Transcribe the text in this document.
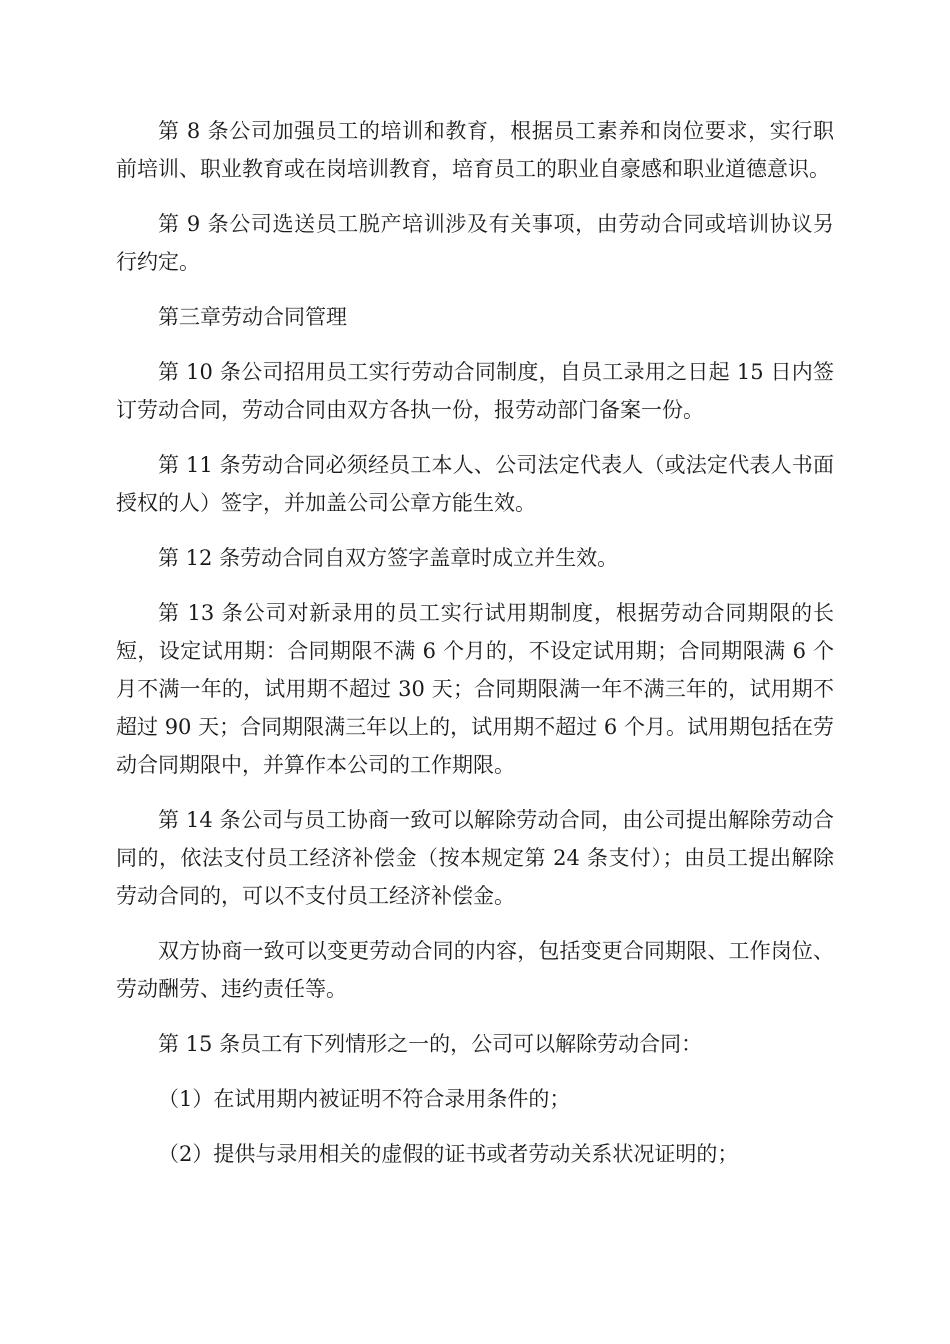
第 8 条公司加强员工的培训和教育，根据员工素养和岗位要求，实行职前培训、职业教育或在岗培训教育，培育员工的职业自豪感和职业道德意识。

第 9 条公司选送员工脱产培训涉及有关事项，由劳动合同或培训协议另行约定。

第三章劳动合同管理

第 10 条公司招用员工实行劳动合同制度，自员工录用之日起 15 日内签订劳动合同，劳动合同由双方各执一份，报劳动部门备案一份。

第 11 条劳动合同必须经员工本人、公司法定代表人（或法定代表人书面授权的人）签字，并加盖公司公章方能生效。

第 12 条劳动合同自双方签字盖章时成立并生效。

第 13 条公司对新录用的员工实行试用期制度，根据劳动合同期限的长短，设定试用期：合同期限不满 6 个月的，不设定试用期；合同期限满 6 个月不满一年的，试用期不超过 30 天；合同期限满一年不满三年的，试用期不超过 90 天；合同期限满三年以上的，试用期不超过 6 个月。试用期包括在劳动合同期限中，并算作本公司的工作期限。

第 14 条公司与员工协商一致可以解除劳动合同，由公司提出解除劳动合同的，依法支付员工经济补偿金（按本规定第 24 条支付）；由员工提出解除劳动合同的，可以不支付员工经济补偿金。

双方协商一致可以变更劳动合同的内容，包括变更合同期限、工作岗位、劳动酬劳、违约责任等。

第 15 条员工有下列情形之一的，公司可以解除劳动合同：

（1）在试用期内被证明不符合录用条件的；

（2）提供与录用相关的虚假的证书或者劳动关系状况证明的；
